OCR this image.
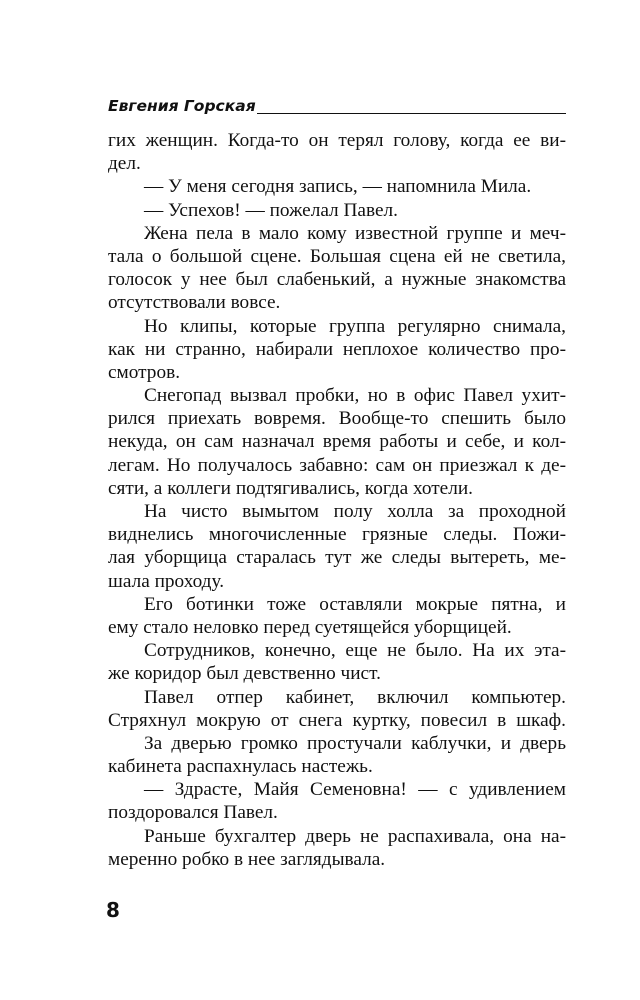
Евгения Горская
гих женщин. Когда-то он терял голову, когда ее ви-
дел.
— У меня сегодня запись, — напомнила Мила.
— Успехов! — пожелал Павел.
Жена пела в мало кому известной группе и меч-
тала о большой сцене. Большая сцена ей не светила,
голосок у нее был слабенький, а нужные знакомства
отсутствовали вовсе.
Но клипы, которые группа регулярно снимала,
как ни странно, набирали неплохое количество про-
смотров.
Снегопад вызвал пробки, но в офис Павел ухит-
рился приехать вовремя. Вообще-то спешить было
некуда, он сам назначал время работы и себе, и кол-
легам. Но получалось забавно: сам он приезжал к де-
сяти, а коллеги подтягивались, когда хотели.
На чисто вымытом полу холла за проходной
виднелись многочисленные грязные следы. Пожи-
лая уборщица старалась тут же следы вытереть, ме-
шала проходу.
Его ботинки тоже оставляли мокрые пятна, и
ему стало неловко перед суетящейся уборщицей.
Сотрудников, конечно, еще не было. На их эта-
же коридор был девственно чист.
Павел отпер кабинет, включил компьютер.
Стряхнул мокрую от снега куртку, повесил в шкаф.
За дверью громко простучали каблучки, и дверь
кабинета распахнулась настежь.
— Здрасте, Майя Семеновна! — с удивлением
поздоровался Павел.
Раньше бухгалтер дверь не распахивала, она на-
меренно робко в нее заглядывала.
8
